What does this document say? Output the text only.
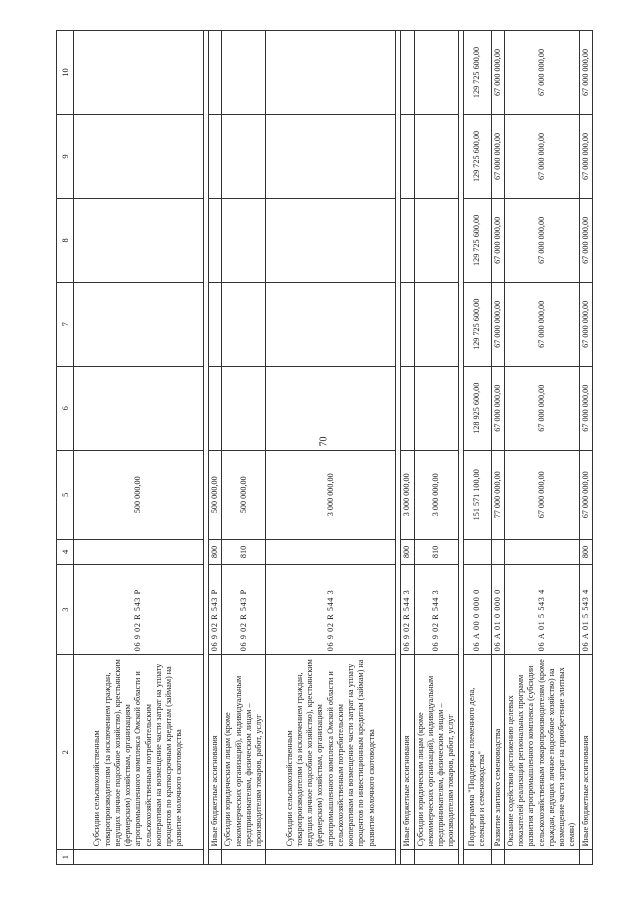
70
1	2	3	4	5	6	7	8	9	10
	Субсидии сельскохозяйственным товаропроизводителям (за исключением граждан, ведущих личное подсобное хозяйство), крестьянским (фермерским) хозяйствам, организациям агропромышленного комплекса Омской области и сельскохозяйственным потребительским кооперативам на возмещение части затрат на уплату процентов по краткосрочным кредитам (займам) на развитие молочного скотоводства	06 9 02 R 543 P		500 000,00					

	Иные бюджетные ассигнования	06 9 02 R 543 P	800	500 000,00					
	Субсидии юридическим лицам (кроме некоммерческих организаций), индивидуальным предпринимателям, физическим лицам – производителям товаров, работ, услуг	06 9 02 R 543 P	810	500 000,00					
	Субсидии сельскохозяйственным товаропроизводителям (за исключением граждан, ведущих личное подсобное хозяйство), крестьянским (фермерским) хозяйствам, организациям агропромышленного комплекса Омской области и сельскохозяйственным потребительским кооперативам на возмещение части затрат на уплату процентов по инвестиционным кредитам (займам) на развитие молочного скотоводства	06 9 02 R 544 3		3 000 000,00					

	Иные бюджетные ассигнования	06 9 02 R 544 3	800	3 000 000,00					
	Субсидии юридическим лицам (кроме некоммерческих организаций), индивидуальным предпринимателям, физическим лицам – производителям товаров, работ, услуг	06 9 02 R 544 3	810	3 000 000,00					

	Подпрограмма "Поддержка племенного дела, селекции и семеноводства"	06 А 00 0 000 0		151 571 100,00	128 925 600,00	129 725 600,00	129 725 600,00	129 725 600,00	129 725 600,00
	Развитие элитного семеноводства	06 А 01 0 000 0		77 000 000,00	67 000 000,00	67 000 000,00	67 000 000,00	67 000 000,00	67 000 000,00
	Оказание содействия достижению целевых показателей реализации региональных программ развития агропромышленного комплекса (субсидии сельскохозяйственным товаропроизводителям (кроме граждан, ведущих личное подсобное хозяйство) на возмещение части затрат на приобретение элитных семян)	06 А 01 5 543 4		67 000 000,00	67 000 000,00	67 000 000,00	67 000 000,00	67 000 000,00	67 000 000,00
	Иные бюджетные ассигнования	06 А 01 5 543 4	800	67 000 000,00	67 000 000,00	67 000 000,00	67 000 000,00	67 000 000,00	67 000 000,00
